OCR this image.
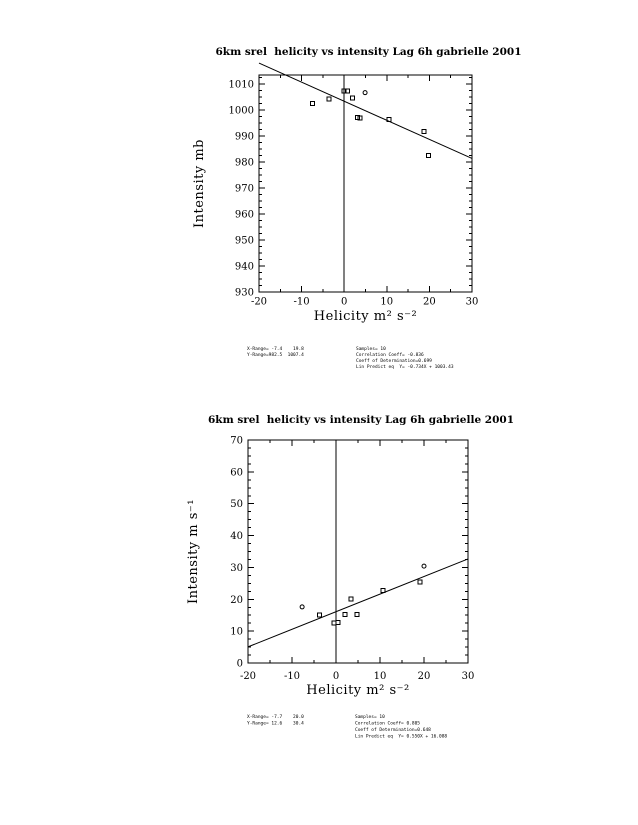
-20	-10	0	10	20	30
930
940
950
960
970
980
990
1000
1010
6km srel  helicity vs intensity Lag 6h gabrielle 2001
Helicity m² s⁻²
Intensity mb
X-Range= -7.4    19.8
Y-Range=982.5  1007.4
Samples= 10
Correlation Coeff= -0.836
Coeff of Determination=0.699
Lin Predict eq  Y= -0.734X + 1003.43
-20	-10	0	10	20	30
0
10
20
30
40
50
60
70
6km srel  helicity vs intensity Lag 6h gabrielle 2001
Helicity m² s⁻²
Intensity m s⁻¹
X-Range= -7.7    20.0
Y-Range= 12.6    30.4
Samples= 10
Correlation Coeff= 0.805
Coeff of Determination=0.648
Lin Predict eq  Y= 0.550X + 16.088
